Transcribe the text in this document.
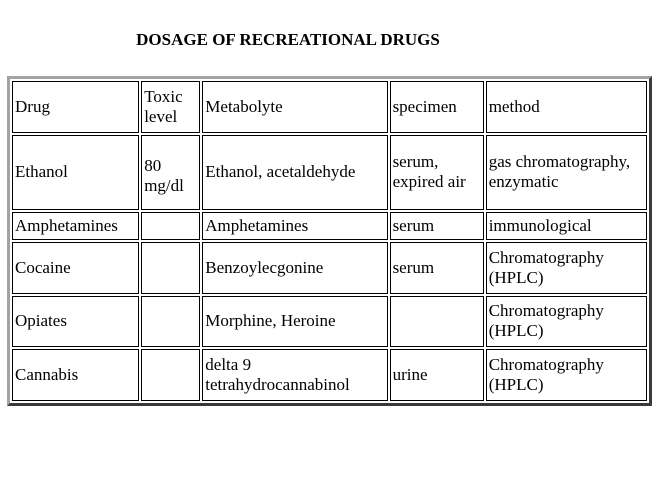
DOSAGE OF RECREATIONAL DRUGS
Drug	Toxic level	Metabolyte	specimen	method
Ethanol	80 mg/dl	Ethanol, acetaldehyde	serum, expired air	gas chromatography, enzymatic
Amphetamines		Amphetamines	serum	immunological
Cocaine		Benzoylecgonine	serum	Chromatography (HPLC)
Opiates		Morphine, Heroine		Chromatography (HPLC)
Cannabis		delta 9 tetrahydrocannabinol	urine	Chromatography (HPLC)
